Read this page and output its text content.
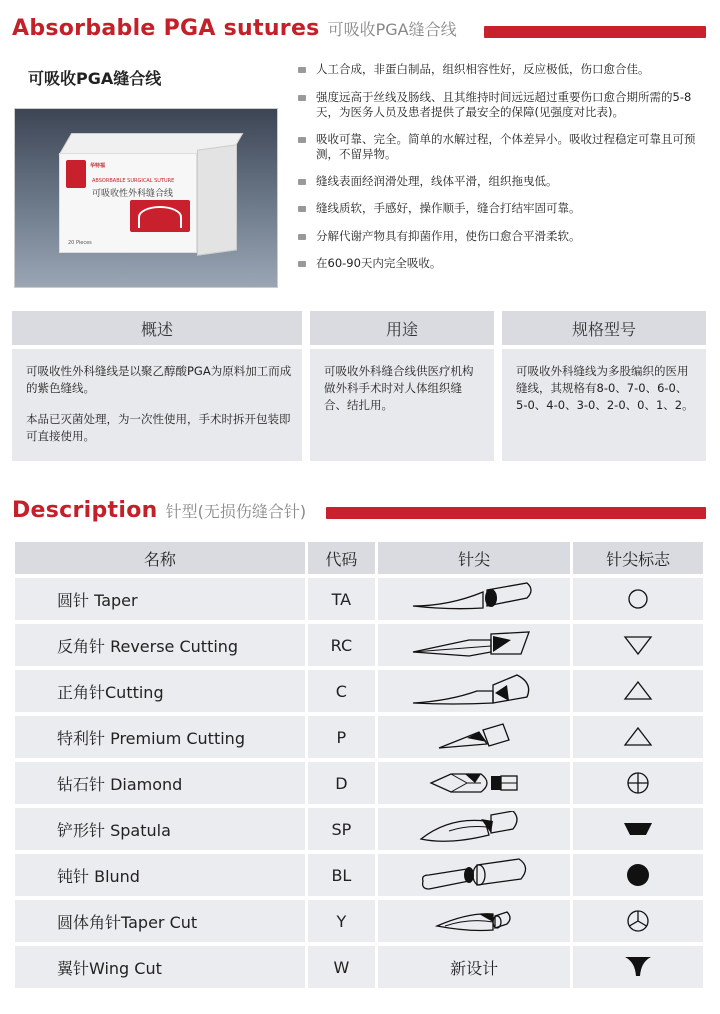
Absorbable PGA sutures 可吸收PGA缝合线
可吸收PGA缝合线
华特福
ABSORBABLE SURGICAL SUTURE
可吸收性外科缝合线
20 Pieces
人工合成，非蛋白制品，组织相容性好，反应极低，伤口愈合佳。
强度远高于丝线及肠线、且其维持时间远远超过重要伤口愈合期所需的5-8天，为医务人员及患者提供了最安全的保障(见强度对比表)。
吸收可靠、完全。简单的水解过程，个体差异小。吸收过程稳定可靠且可预测，不留异物。
缝线表面经润滑处理，线体平滑，组织拖曳低。
缝线质软，手感好，操作顺手，缝合打结牢固可靠。
分解代谢产物具有抑菌作用，使伤口愈合平滑柔软。
在60-90天内完全吸收。
概述

可吸收性外科缝线是以聚乙醇酸PGA为原料加工而成的紫色缝线。

本品已灭菌处理，为一次性使用，手术时拆开包装即可直接使用。

用途

可吸收外科缝合线供医疗机构做外科手术时对人体组织缝合、结扎用。

规格型号

可吸收外科缝线为多股编织的医用缝线，其规格有8-0、7-0、6-0、5-0、4-0、3-0、2-0、0、1、2。

Description 针型(无损伤缝合针)
名称	代码	针尖	针尖标志
圆针 Taper	TA	

反角针 Reverse Cutting	RC	

正角针Cutting	C	

特利针 Premium Cutting	P	

钻石针 Diamond	D	

铲形针 Spatula	SP	

钝针 Blund	BL	

圆体角针Taper Cut	Y	

翼针Wing Cut	W	新设计	
